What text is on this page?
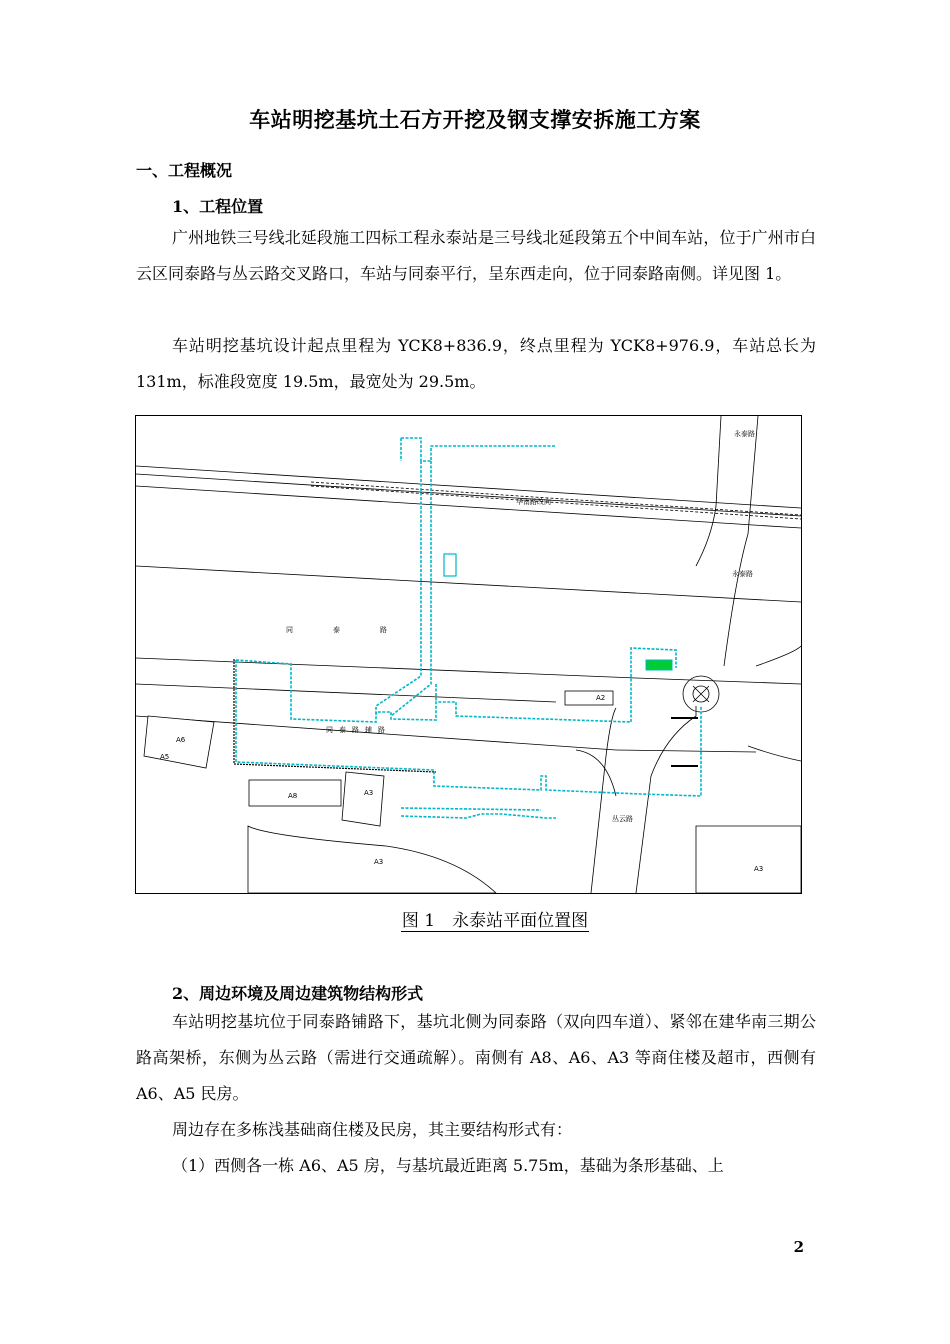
车站明挖基坑土石方开挖及钢支撑安拆施工方案
一、工程概况
1、工程位置
广州地铁三号线北延段施工四标工程永泰站是三号线北延段第五个中间车站，位于广州市白云区同泰路与丛云路交叉路口，车站与同泰平行，呈东西走向，位于同泰路南侧。详见图 1。
车站明挖基坑设计起点里程为 YCK8+836.9，终点里程为 YCK8+976.9，车站总长为 131m，标准段宽度 19.5m，最宽处为 29.5m。
永泰路
永泰路
华南路改向
同泰路
同泰路辅路
丛云路
A2
A6
A5
A8	A3
A3
A3
图 1　永泰站平面位置图
2、周边环境及周边建筑物结构形式
车站明挖基坑位于同泰路铺路下，基坑北侧为同泰路（双向四车道）、紧邻在建华南三期公路高架桥，东侧为丛云路（需进行交通疏解）。南侧有 A8、A6、A3 等商住楼及超市，西侧有 A6、A5 民房。
周边存在多栋浅基础商住楼及民房，其主要结构形式有：
（1）西侧各一栋 A6、A5 房，与基坑最近距离 5.75m，基础为条形基础、上
2
